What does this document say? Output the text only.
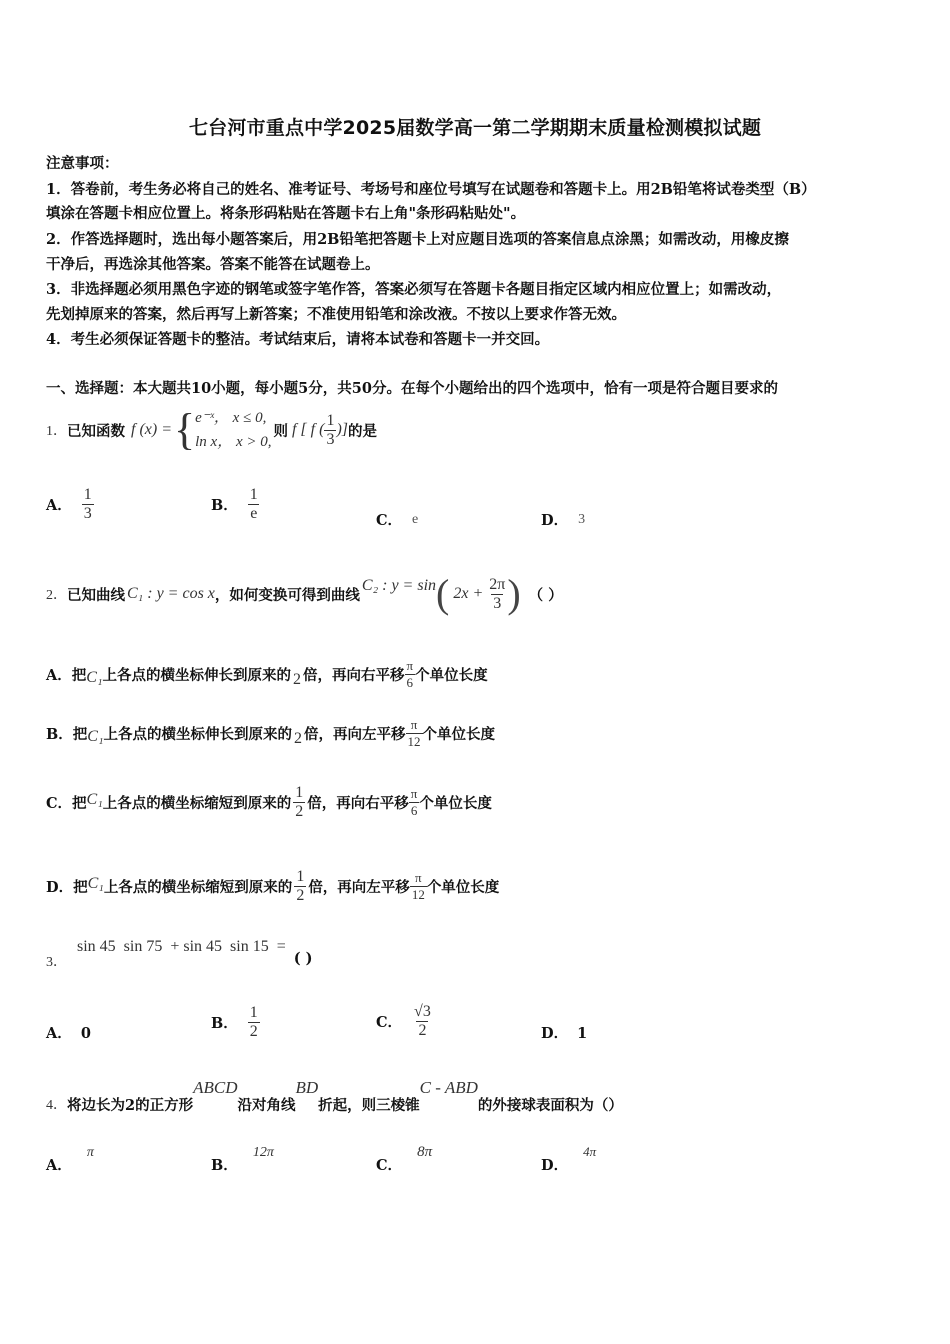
七台河市重点中学2025届数学高一第二学期期末质量检测模拟试题
注意事项：
1．答卷前，考生务必将自己的姓名、准考证号、考场号和座位号填写在试题卷和答题卡上。用2B铅笔将试卷类型（B）
填涂在答题卡相应位置上。将条形码粘贴在答题卡右上角"条形码粘贴处"。
2．作答选择题时，选出每小题答案后，用2B铅笔把答题卡上对应题目选项的答案信息点涂黑；如需改动，用橡皮擦
干净后，再选涂其他答案。答案不能答在试题卷上。
3．非选择题必须用黑色字迹的钢笔或签字笔作答，答案必须写在答题卡各题目指定区域内相应位置上；如需改动，
先划掉原来的答案，然后再写上新答案；不准使用铅笔和涂改液。不按以上要求作答无效。
4．考生必须保证答题卡的整洁。考试结束后，请将本试卷和答题卡一并交回。
一、选择题：本大题共10小题，每小题5分，共50分。在每个小题给出的四个选项中，恰有一项是符合题目要求的
1． 已知函数 f (x) = { e⁻ˣ， x ≤ 0,
ln x， x > 0,
则 f [ f ( $\frac{1}{3}$ )] 的是
A． $\frac{1}{3}$	B． $\frac{1}{e}$	C． e	D． 3
2． 已知曲线 C₁ : y = cos x ，如何变换可得到曲线
C₂ : y = sin ( $2x + \frac{2\pi}{3}$ ) （ ）
A． 把 C₁ 上各点的横坐标伸长到原来的 2 倍，再向右平移 $\frac{\pi}{6}$ 个单位长度
B． 把 C₁ 上各点的横坐标伸长到原来的 2 倍，再向左平移 $\frac{\pi}{12}$ 个单位长度
C． 把 C₁ 上各点的横坐标缩短到原来的 $\frac{1}{2}$ 倍，再向右平移 $\frac{\pi}{6}$ 个单位长度
D． 把 C₁ 上各点的横坐标缩短到原来的 $\frac{1}{2}$ 倍，再向左平移 $\frac{\pi}{12}$ 个单位长度
3．
sin 45  sin 75  + sin 45  sin 15  =
( )
A． 0
B． $\frac{1}{2}$	C． $\frac{√3}{2}$	D． 1
4． 将边长为2的正方形
ABCD
沿对角线
BD
折起，则三棱锥
C - ABD
的外接球表面积为（）
A． π
B． 12π
C． 8π
D． 4π
